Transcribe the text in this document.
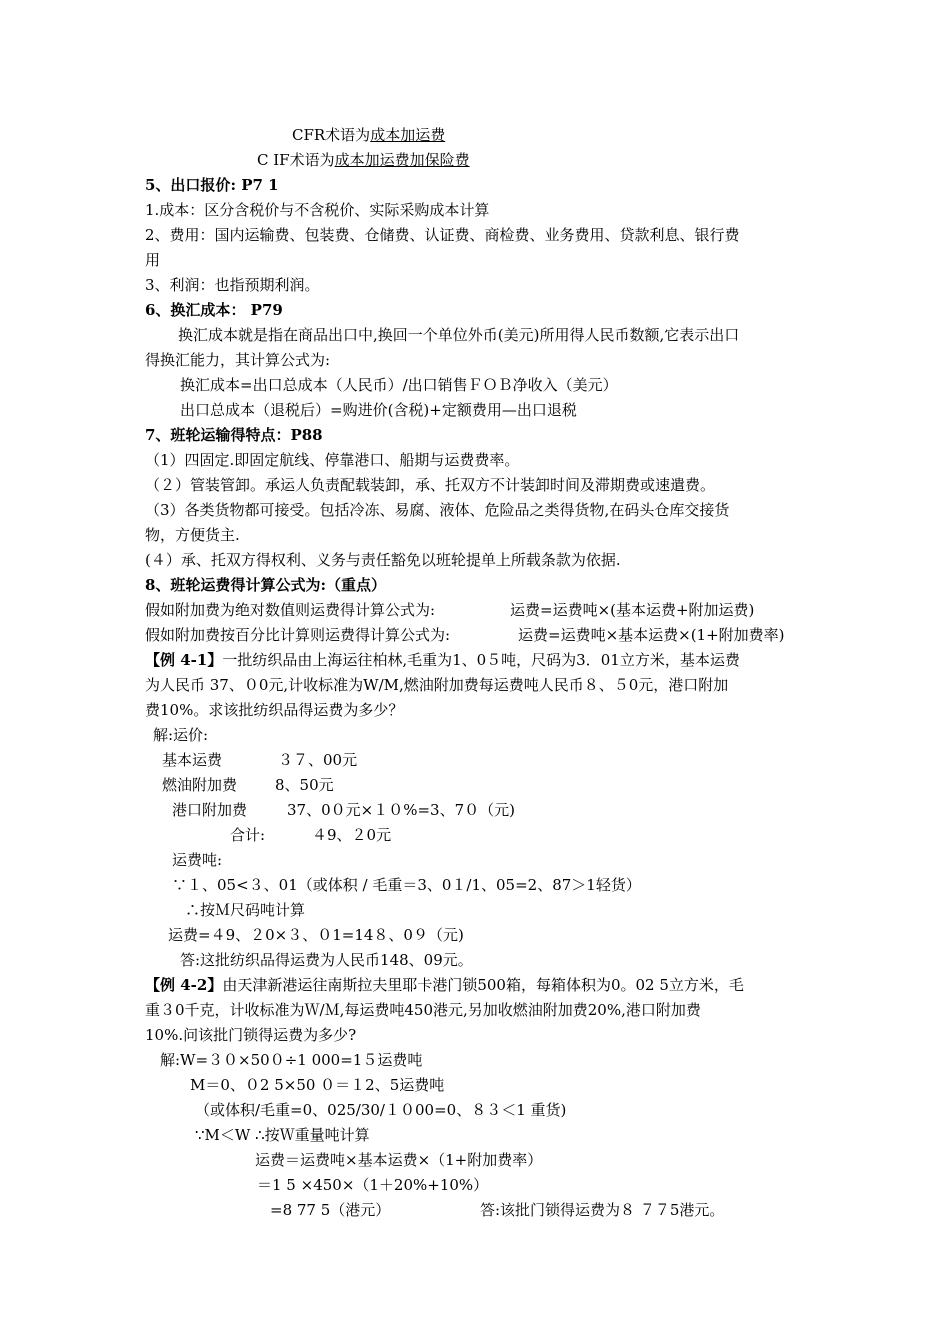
CFR术语为成本加运费
C IF术语为成本加运费加保险费
5、出口报价: P7 1
1.成本：区分含税价与不含税价、实际采购成本计算
2、费用：国内运输费、包装费、仓储费、认证费、商检费、业务费用、贷款利息、银行费
用
3、利润：也指预期利润。
6、换汇成本： P79
换汇成本就是指在商品出口中,换回一个单位外币(美元)所用得人民币数额,它表示出口
得换汇能力，其计算公式为:
换汇成本=出口总成本（人民币）/出口销售ＦＯＢ净收入（美元）
出口总成本（退税后）=购进价(含税)+定额费用—出口退税
7、班轮运输得特点：P88
（1）四固定.即固定航线、停靠港口、船期与运费费率。
（２）管装管卸。承运人负责配载装卸，承、托双方不计装卸时间及滞期费或速遣费。
（3）各类货物都可接受。包括冷冻、易腐、液体、危险品之类得货物,在码头仓库交接货
物，方便货主.
(４）承、托双方得权利、义务与责任豁免以班轮提单上所载条款为依据.
8、班轮运费得计算公式为:（重点）
假如附加费为绝对数值则运费得计算公式为:	运费=运费吨×(基本运费+附加运费)
假如附加费按百分比计算则运费得计算公式为:	运费=运费吨×基本运费×(1+附加费率)
【例 4-1】一批纺织品由上海运往柏林,毛重为1、0５吨，尺码为3．01立方米，基本运费
为人民币 37、０0元,计收标准为W/M,燃油附加费每运费吨人民币８、５0元，港口附加
费10%。求该批纺织品得运费为多少？
解:运价:
基本运费	３７、00元
燃油附加费	8、50元
港口附加费	37、0０元×１０%=3、7０（元)
合计:	４9、２0元
运费吨:
∵１、05<３、01（或体积 / 毛重＝3、0１/1、05=2、87＞1轻货）
∴按Ｍ尺码吨计算
运费=４9、２0×３、０1=14８、0９（元)
答:这批纺织品得运费为人民币148、09元。
【例 4-2】由天津新港运往南斯拉夫里耶卡港门锁500箱，每箱体积为0。02 5立方米，毛
重３0千克，计收标准为Ｗ/Ｍ,每运费吨450港元,另加收燃油附加费20%,港口附加费
10%.问该批门锁得运费为多少?
解:W=３０×50０÷1 000=1５运费吨
M＝0、０2 5×50 ０＝１2、5运费吨
（或体积/毛重=0、025/30/１０00=0、８３＜1 重货)
∵M＜W ∴按Ｗ重量吨计算
运费＝运费吨×基本运费×（1+附加费率）
＝1 5 ×450×（1＋20%+10%）
=8 77 5（港元）	答:该批门锁得运费为８ ７７5港元。
